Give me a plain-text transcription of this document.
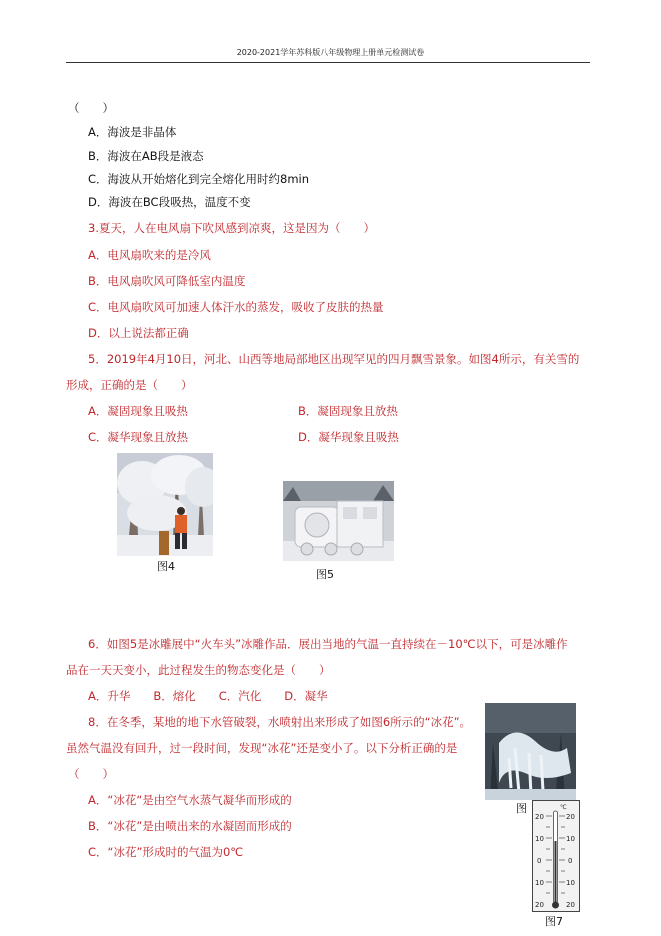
2020-2021学年苏科版八年级物理上册单元检测试卷
（　　）
A．海波是非晶体
B．海波在AB段是液态
C．海波从开始熔化到完全熔化用时约8min
D．海波在BC段吸热，温度不变
3.夏天，人在电风扇下吹风感到凉爽，这是因为（　　）
A．电风扇吹来的是冷风
B．电风扇吹风可降低室内温度
C．电风扇吹风可加速人体汗水的蒸发，吸收了皮肤的热量
D．以上说法都正确
5．2019年4月10日，河北、山西等地局部地区出现罕见的四月飘雪景象。如图4所示，有关雪的
形成，正确的是（　　）
A．凝固现象且吸热	B．凝固现象且放热
C．凝华现象且放热	D．凝华现象且吸热
图4
图5
6．如图5是冰雕展中“火车头”冰雕作品．展出当地的气温一直持续在－10℃以下，可是冰雕作
品在一天天变小，此过程发生的物态变化是（　　）
A．升华　　B．熔化　　C．汽化　　D．凝华
8．在冬季，某地的地下水管破裂，水喷射出来形成了如图6所示的“冰花”。
虽然气温没有回升，过一段时间，发现“冰花”还是变小了。以下分析正确的是
（　　）
A．“冰花“是由空气水蒸气凝华而形成的
B．“冰花”是由喷出来的水凝固而形成的
C．“冰花”形成时的气温为0℃
图	℃
20
10
0
10
20
20
10
0
10
20
图7
